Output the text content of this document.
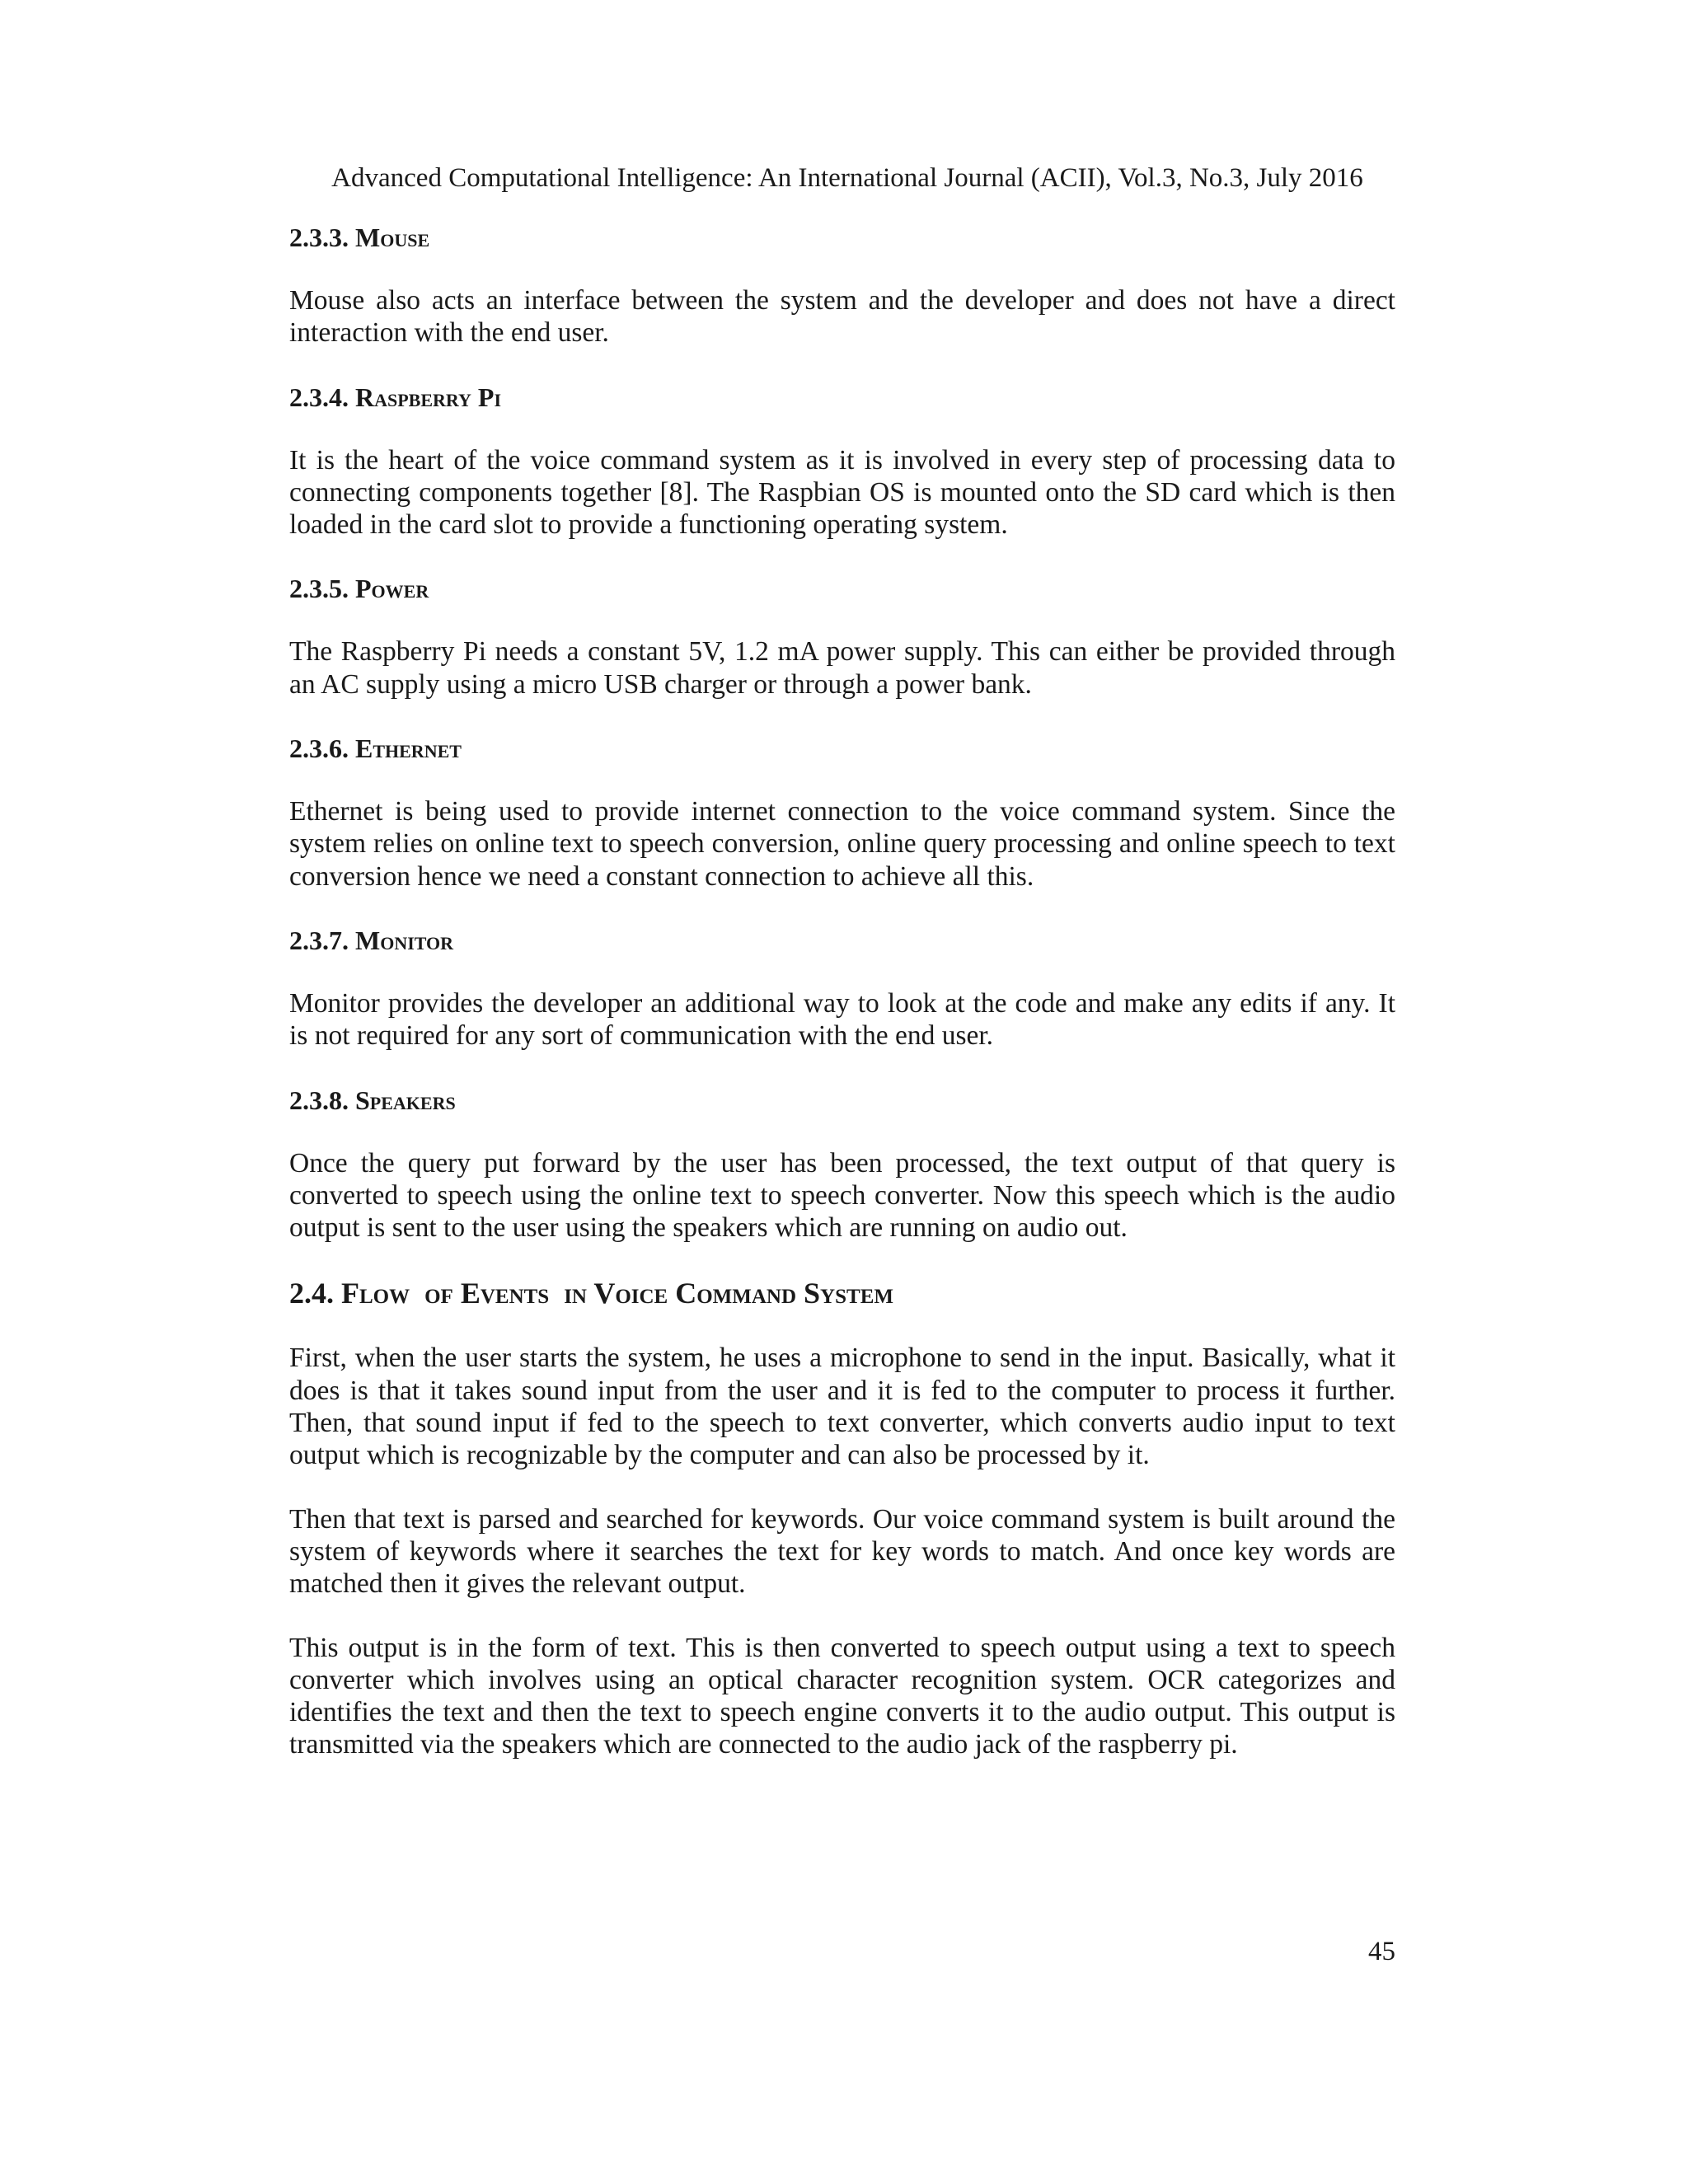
Advanced Computational Intelligence: An International Journal (ACII), Vol.3, No.3, July 2016
2.3.3. Mouse

Mouse also acts an interface between the system and the developer and does not have a direct interaction with the end user.

2.3.4. Raspberry Pi

It is the heart of the voice command system as it is involved in every step of processing data to connecting components together [8]. The Raspbian OS is mounted onto the SD card which is then loaded in the card slot to provide a functioning operating system.

2.3.5. Power

The Raspberry Pi needs a constant 5V, 1.2 mA power supply. This can either be provided through an AC supply using a micro USB charger or through a power bank.

2.3.6. Ethernet

Ethernet is being used to provide internet connection to the voice command system. Since the system relies on online text to speech conversion, online query processing and online speech to text conversion hence we need a constant connection to achieve all this.

2.3.7. Monitor

Monitor provides the developer an additional way to look at the code and make any edits if any. It is not required for any sort of communication with the end user.

2.3.8. Speakers

Once the query put forward by the user has been processed, the text output of that query is converted to speech using the online text to speech converter. Now this speech which is the audio output is sent to the user using the speakers which are running on audio out.

2.4. Flow  of Events  in Voice Command System

First, when the user starts the system, he uses a microphone to send in the input. Basically, what it does is that it takes sound input from the user and it is fed to the computer to process it further. Then, that sound input if fed to the speech to text converter, which converts audio input to text output which is recognizable by the computer and can also be processed by it.

Then that text is parsed and searched for keywords. Our voice command system is built around the system of keywords where it searches the text for key words to match. And once key words are matched then it gives the relevant output.

This output is in the form of text. This is then converted to speech output using a text to speech converter which involves using an optical character recognition system. OCR categorizes and identifies the text and then the text to speech engine converts it to the audio output. This output is transmitted via the speakers which are connected to the audio jack of the raspberry pi.

45
